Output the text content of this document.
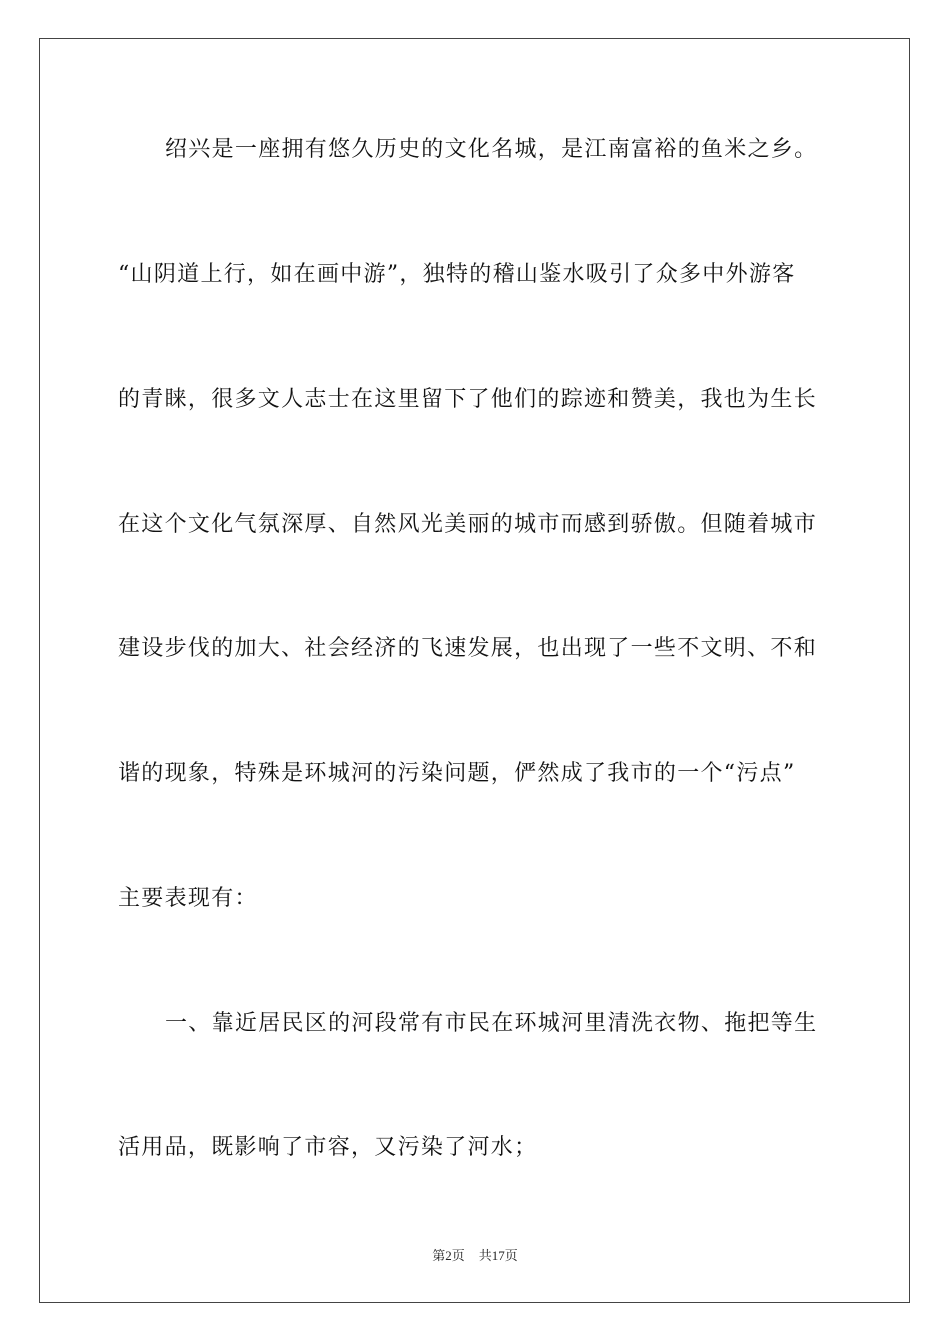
绍兴是一座拥有悠久历史的文化名城，是江南富裕的鱼米之乡。
“山阴道上行，如在画中游”，独特的稽山鉴水吸引了众多中外游客
的青睐，很多文人志士在这里留下了他们的踪迹和赞美，我也为生长
在这个文化气氛深厚、自然风光美丽的城市而感到骄傲。但随着城市
建设步伐的加大、社会经济的飞速发展，也出现了一些不文明、不和
谐的现象，特殊是环城河的污染问题，俨然成了我市的一个“污点”
主要表现有：
一、靠近居民区的河段常有市民在环城河里清洗衣物、拖把等生
活用品，既影响了市容，又污染了河水；
第2页 共17页
